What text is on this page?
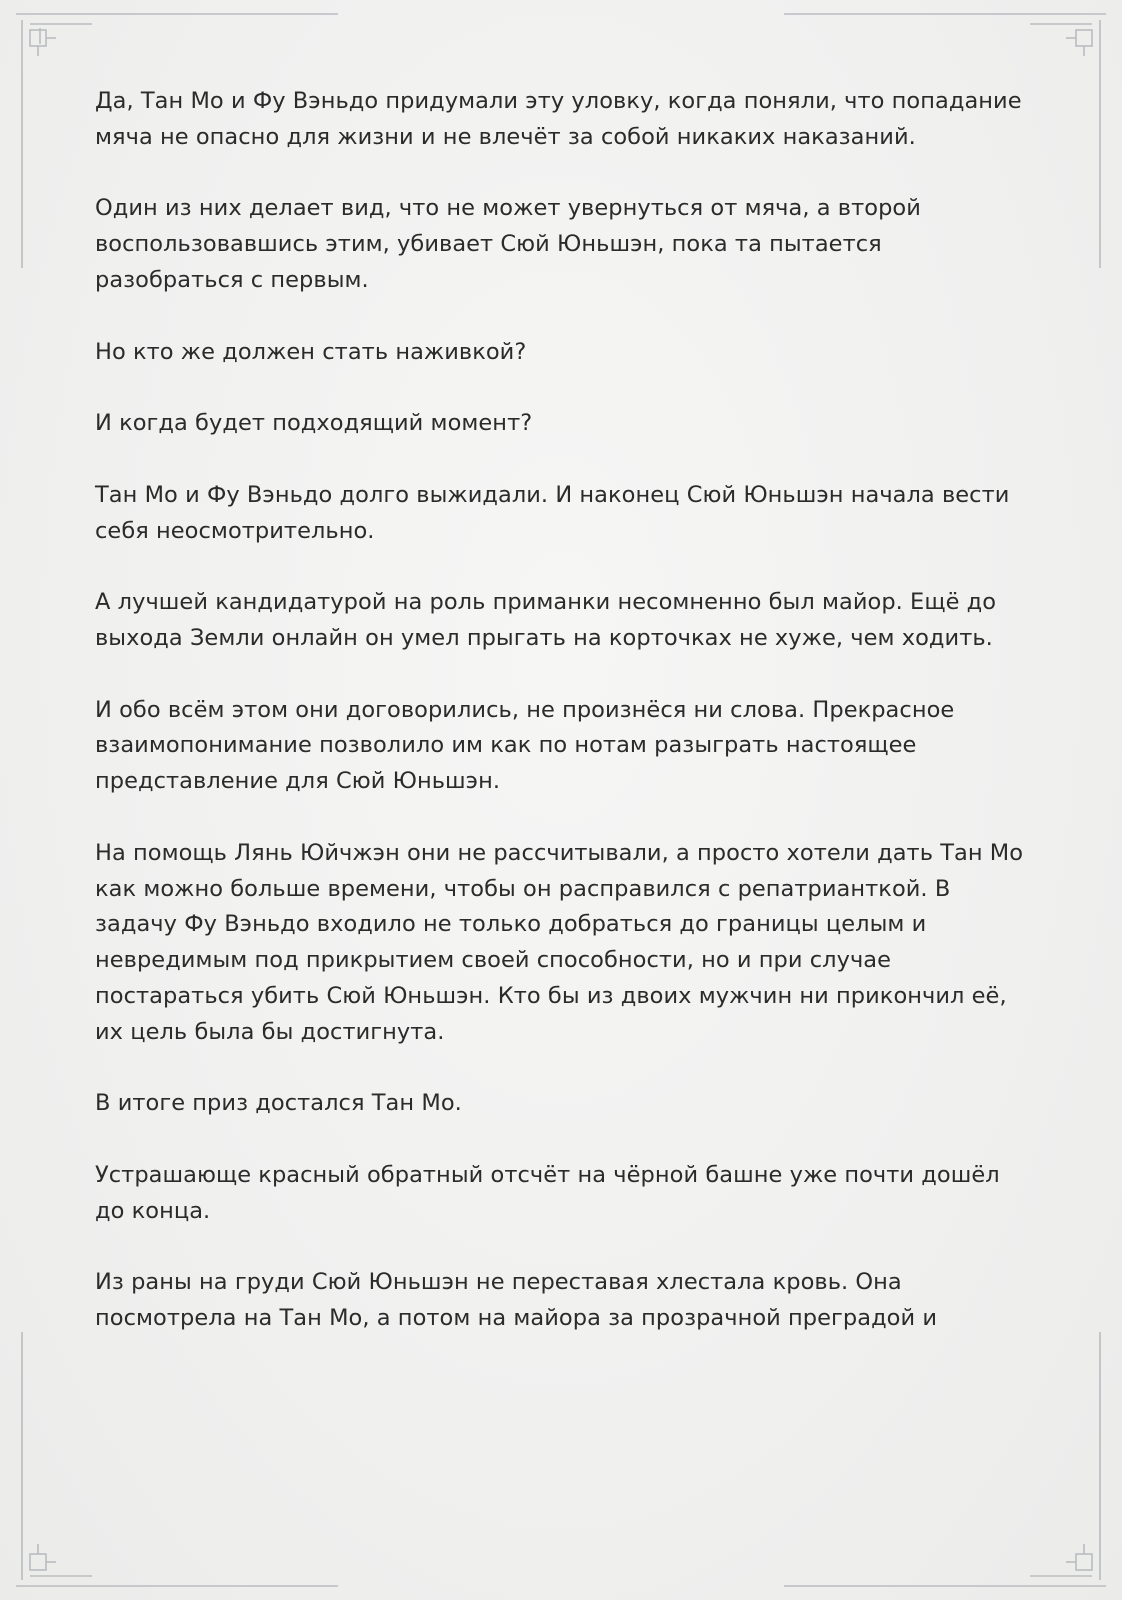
Да, Тан Мо и Фу Вэньдо придумали эту уловку, когда поняли, что попадание мяча не опасно для жизни и не влечёт за собой никаких наказаний.

Один из них делает вид, что не может увернуться от мяча, а второй воспользовавшись этим, убивает Сюй Юньшэн, пока та пытается разобраться с первым.

Но кто же должен стать наживкой?

И когда будет подходящий момент?

Тан Мо и Фу Вэньдо долго выжидали. И наконец Сюй Юньшэн начала вести себя неосмотрительно.

А лучшей кандидатурой на роль приманки несомненно был майор. Ещё до выхода Земли онлайн он умел прыгать на корточках не хуже, чем ходить.

И обо всём этом они договорились, не произнёся ни слова. Прекрасное взаимопонимание позволило им как по нотам разыграть настоящее представление для Сюй Юньшэн.

На помощь Лянь Юйчжэн они не рассчитывали, а просто хотели дать Тан Мо как можно больше времени, чтобы он расправился с репатрианткой. В задачу Фу Вэньдо входило не только добраться до границы целым и невредимым под прикрытием своей способности, но и при случае постараться убить Сюй Юньшэн. Кто бы из двоих мужчин ни прикончил её, их цель была бы достигнута.

В итоге приз достался Тан Мо.

Устрашающе красный обратный отсчёт на чёрной башне уже почти дошёл до конца.

Из раны на груди Сюй Юньшэн не переставая хлестала кровь. Она посмотрела на Тан Мо, а потом на майора за прозрачной преградой и
